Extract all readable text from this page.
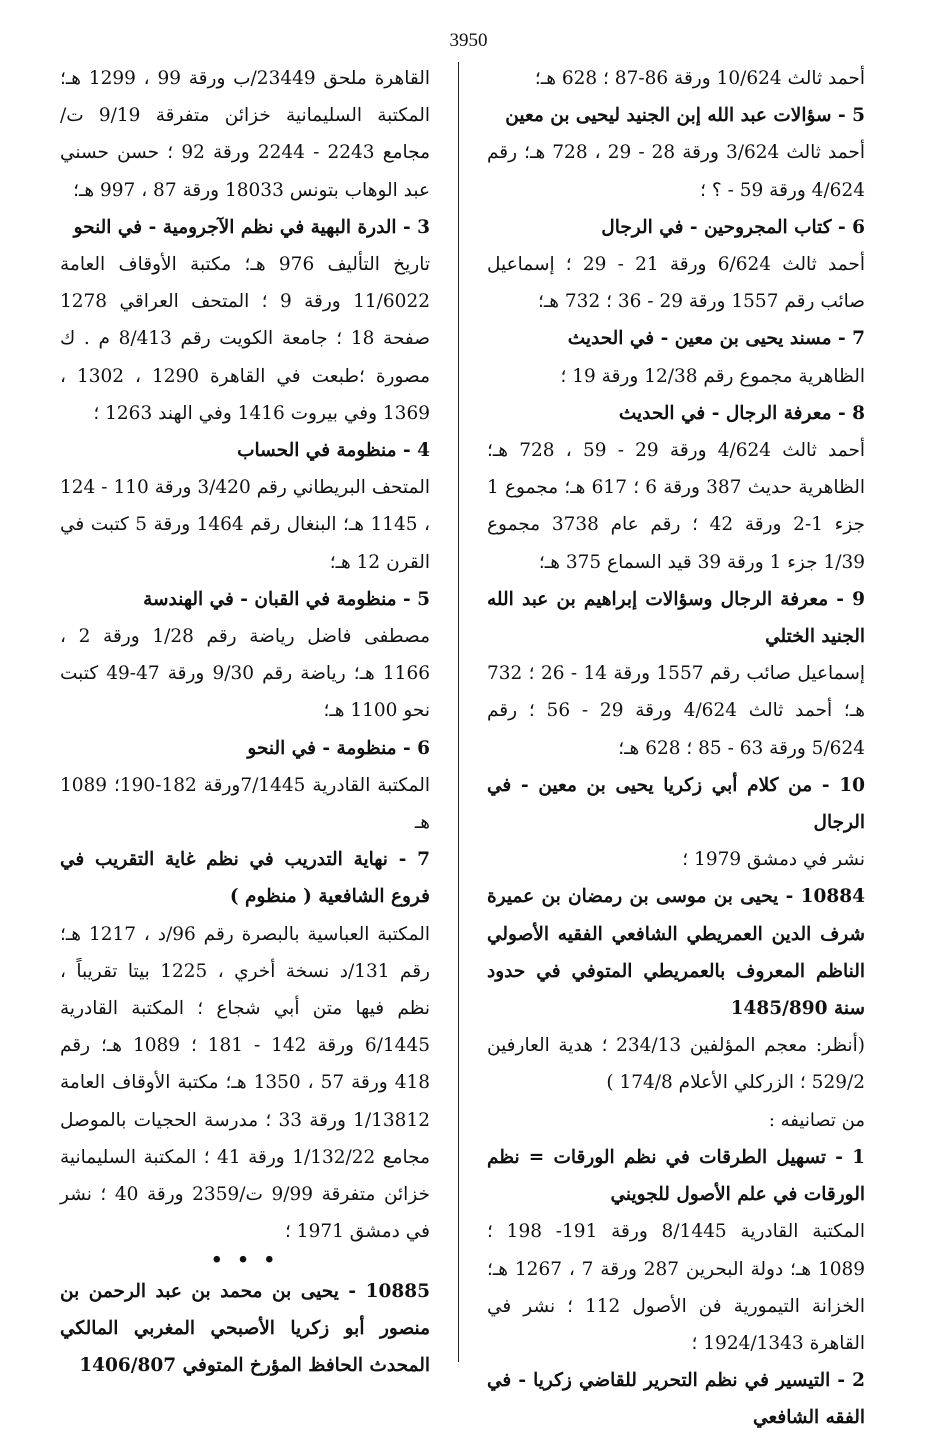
3950

أحمد ثالث 10/624 ورقة 86-87 ؛ 628 هـ؛

5 - سؤالات عبد الله إبن الجنيد ليحيى بن معين

أحمد ثالث 3/624 ورقة 28 - 29 ، 728 هـ؛ رقم 4/624 ورقة 59 - ؟ ؛

6 - كتاب المجروحين - في الرجال

أحمد ثالث 6/624 ورقة 21 - 29 ؛ إسماعيل صائب رقم 1557 ورقة 29 - 36 ؛ 732 هـ؛

7 - مسند يحيى بن معين - في الحديث

الظاهرية مجموع رقم 12/38 ورقة 19 ؛

8 - معرفة الرجال - في الحديث

أحمد ثالث 4/624 ورقة 29 - 59 ، 728 هـ؛ الظاهرية حديث 387 ورقة 6 ؛ 617 هـ؛ مجموع 1 جزء 1-2 ورقة 42 ؛ رقم عام 3738 مجموع 1/39 جزء 1 ورقة 39 قيد السماع 375 هـ؛

9 - معرفة الرجال وسؤالات إبراهيم بن عبد الله الجنيد الختلي

إسماعيل صائب رقم 1557 ورقة 14 - 26 ؛ 732 هـ؛ أحمد ثالث 4/624 ورقة 29 - 56 ؛ رقم 5/624 ورقة 63 - 85 ؛ 628 هـ؛

10 - من كلام أبي زكريا يحيى بن معين - في الرجال

نشر في دمشق 1979 ؛

10884 - يحيى بن موسى بن رمضان بن عميرة شرف الدين العمريطي الشافعي الفقيه الأصولي الناظم المعروف بالعمريطي المتوفي في حدود سنة 1485/890

(أنظر: معجم المؤلفين 234/13 ؛ هدية العارفين 529/2 ؛ الزركلي الأعلام 174/8 )

من تصانيفه :

1 - تسهيل الطرقات في نظم الورقات = نظم الورقات في علم الأصول للجويني

المكتبة القادرية 8/1445 ورقة 191- 198 ؛ 1089 هـ؛ دولة البحرين 287 ورقة 7 ، 1267 هـ؛ الخزانة التيمورية فن الأصول 112 ؛ نشر في القاهرة 1924/1343 ؛

2 - التيسير في نظم التحرير للقاضي زكريا - في الفقه الشافعي

القاهرة ملحق 23449/ب ورقة 99 ، 1299 هـ؛ المكتبة السليمانية خزائن متفرقة 9/19 ت/مجامع 2243 - 2244 ورقة 92 ؛ حسن حسني عبد الوهاب بتونس 18033 ورقة 87 ، 997 هـ؛

3 - الدرة البهية في نظم الآجرومية - في النحو

تاريخ التأليف 976 هـ؛ مكتبة الأوقاف العامة 11/6022 ورقة 9 ؛ المتحف العراقي 1278 صفحة 18 ؛ جامعة الكويت رقم 8/413 م . ك مصورة ؛طبعت في القاهرة 1290 ، 1302 ، 1369 وفي بيروت 1416 وفي الهند 1263 ؛

4 - منظومة في الحساب

المتحف البريطاني رقم 3/420 ورقة 110 - 124 ، 1145 هـ؛ البنغال رقم 1464 ورقة 5 كتبت في القرن 12 هـ؛

5 - منظومة في القبان - في الهندسة

مصطفى فاضل رياضة رقم 1/28 ورقة 2 ، 1166 هـ؛ رياضة رقم 9/30 ورقة 47-49 كتبت نحو 1100 هـ؛

6 - منظومة - في النحو

المكتبة القادرية 7/1445ورقة 182-190؛ 1089 هـ

7 - نهاية التدريب في نظم غاية التقريب في فروع الشافعية ( منظوم )

المكتبة العباسية بالبصرة رقم 96/د ، 1217 هـ؛ رقم 131/د نسخة أخري ، 1225 بيتا تقريباً ، نظم فيها متن أبي شجاع ؛ المكتبة القادرية 6/1445 ورقة 142 - 181 ؛ 1089 هـ؛ رقم 418 ورقة 57 ، 1350 هـ؛ مكتبة الأوقاف العامة 1/13812 ورقة 33 ؛ مدرسة الحجيات بالموصل مجامع 1/132/22 ورقة 41 ؛ المكتبة السليمانية خزائن متفرقة 9/99 ت/2359 ورقة 40 ؛ نشر في دمشق 1971 ؛

• • •

10885 - يحيى بن محمد بن عبد الرحمن بن منصور أبو زكريا الأصبحي المغربي المالكي المحدث الحافظ المؤرخ المتوفي 1406/807
